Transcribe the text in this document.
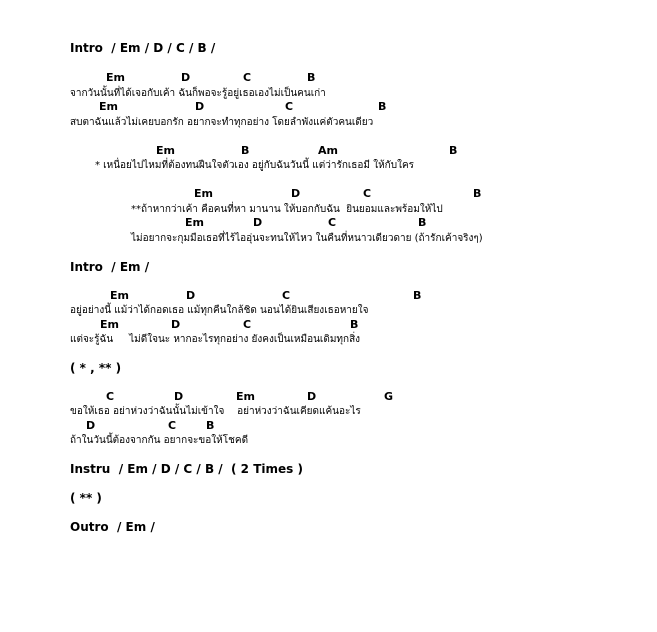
Intro  / Em / D / C / B /
Em	D	C	B
จากวันนั้นที่ได้เจอกับเค้า ฉันก็พอจะรู้อยู่เธอเองไม่เป็นคนเก่า
Em	D	C	B
สบตาฉันแล้วไม่เคยบอกรัก อยากจะทำทุกอย่าง โดยลำพังแค่ตัวคนเดียว
Em	B	Am	B
* เหนื่อยไปไหมที่ต้องทนฝืนใจตัวเอง อยู่กับฉันวันนี้ แต่ว่ารักเธอมี ให้กับใคร
Em	D	C	B
**ถ้าหากว่าเค้า คือคนที่หา มานาน ให้บอกกับฉัน  ยินยอมและพร้อมให้ไป
Em	D	C	B
ไม่อยากจะกุมมือเธอที่ไร้ไออุ่นจะทนให้ไหว ในคืนที่หนาวเดียวดาย (ถ้ารักเค้าจริงๆ)
Intro  / Em /
Em	D	C	B
อยู่อย่างนี้ แม้ว่าได้กอดเธอ แม้ทุกคืนใกล้ชิด นอนได้ยินเสียงเธอหายใจ
Em	D	C	B
แต่จะรู้ฉัน     ไม่ดีใจนะ หากอะไรทุกอย่าง ยังคงเป็นเหมือนเดิมทุกสิ่ง
( * , ** )
C	D	Em	D	G
ขอให้เธอ อย่าห่วงว่าฉันนั้นไม่เข้าใจ    อย่าห่วงว่าฉันเคียดแค้นอะไร
D	C	B
ถ้าในวันนี้ต้องจากกัน อยากจะขอให้โชคดี
Instru  / Em / D / C / B /  ( 2 Times )
( ** )
Outro  / Em /
